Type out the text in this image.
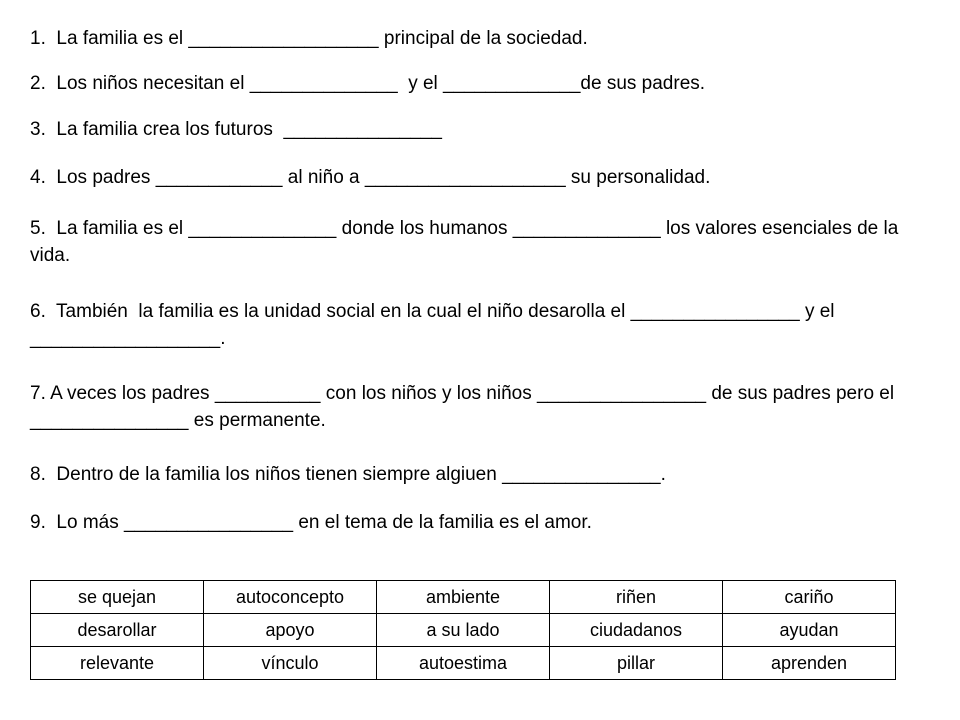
1.  La familia es el __________________ principal de la sociedad.

2.  Los niños necesitan el ______________  y el _____________de sus padres.

3.  La familia crea los futuros  _______________

4.  Los padres ____________ al niño a ___________________ su personalidad.

5.  La familia es el ______________ donde los humanos ______________ los valores esenciales de la vida.

6.  También  la familia es la unidad social en la cual el niño desarolla el ________________ y el __________________.

7. A veces los padres __________ con los niños y los niños ________________ de sus padres pero el _______________ es permanente.

8.  Dentro de la familia los niños tienen siempre algiuen _______________.

9.  Lo más ________________ en el tema de la familia es el amor.

se quejan	autoconcepto	ambiente	riñen	cariño
desarollar	apoyo	a su lado	ciudadanos	ayudan
relevante	vínculo	autoestima	pillar	aprenden
